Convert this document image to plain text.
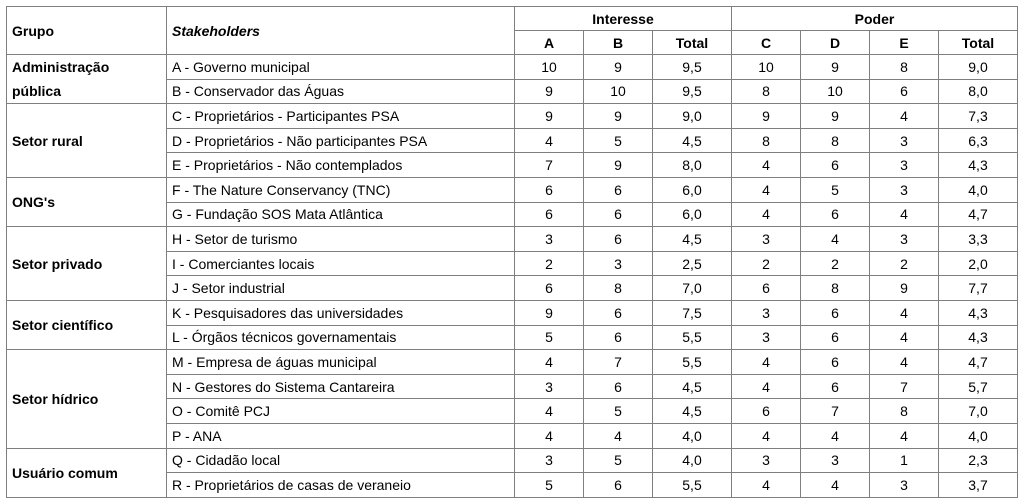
Grupo	Stakeholders	Interesse			Poder			
		A	B	Total	C	D	E	Total
Administração pública	A - Governo municipal	10	9	9,5	10	9	8	9,0
	B - Conservador das Águas	9	10	9,5	8	10	6	8,0
Setor rural	C - Proprietários - Participantes PSA	9	9	9,0	9	9	4	7,3
	D - Proprietários - Não participantes PSA	4	5	4,5	8	8	3	6,3
	E - Proprietários - Não contemplados	7	9	8,0	4	6	3	4,3
ONG's	F - The Nature Conservancy (TNC)	6	6	6,0	4	5	3	4,0
	G - Fundação SOS Mata Atlântica	6	6	6,0	4	6	4	4,7
Setor privado	H - Setor de turismo	3	6	4,5	3	4	3	3,3
	I - Comerciantes locais	2	3	2,5	2	2	2	2,0
	J - Setor industrial	6	8	7,0	6	8	9	7,7
Setor científico	K - Pesquisadores das universidades	9	6	7,5	3	6	4	4,3
	L - Órgãos técnicos governamentais	5	6	5,5	3	6	4	4,3
Setor hídrico	M - Empresa de águas municipal	4	7	5,5	4	6	4	4,7
	N - Gestores do Sistema Cantareira	3	6	4,5	4	6	7	5,7
	O - Comitê PCJ	4	5	4,5	6	7	8	7,0
	P - ANA	4	4	4,0	4	4	4	4,0
Usuário comum	Q - Cidadão local	3	5	4,0	3	3	1	2,3
	R - Proprietários de casas de veraneio	5	6	5,5	4	4	3	3,7
